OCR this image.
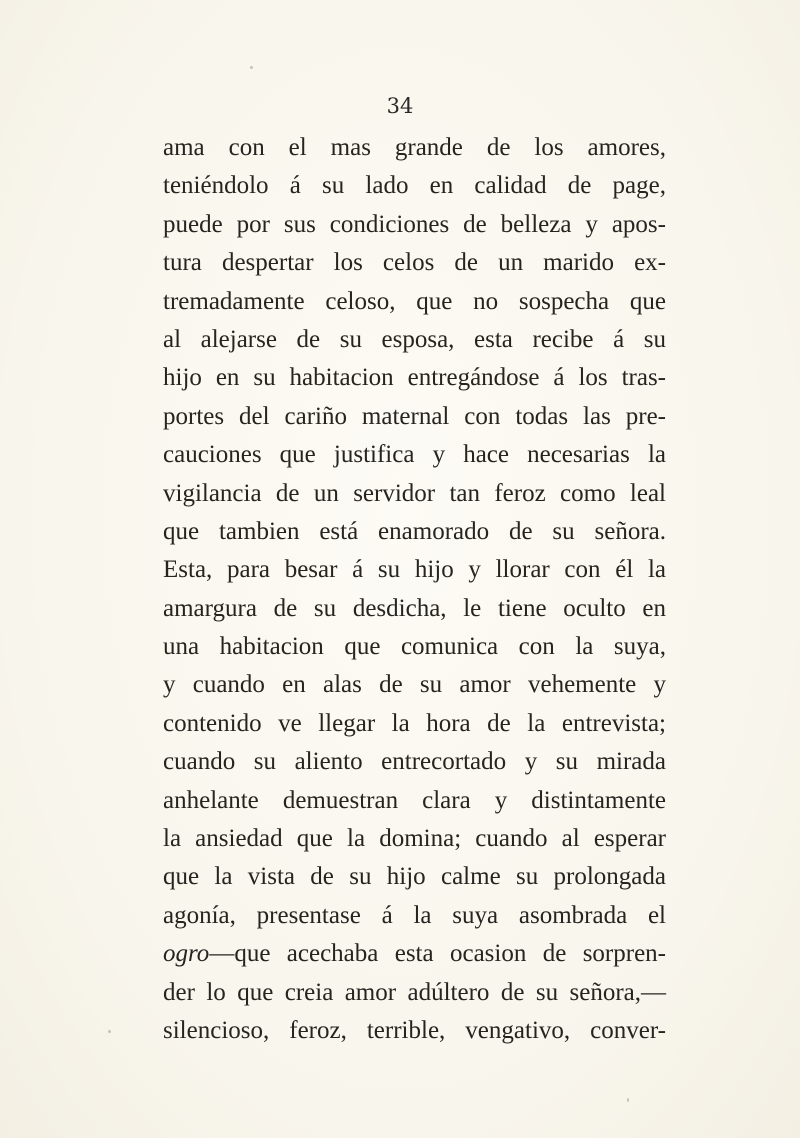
34
ama con el mas grande de los amores,
teniéndolo á su lado en calidad de page,
puede por sus condiciones de belleza y apos-
tura despertar los celos de un marido ex-
tremadamente celoso, que no sospecha que
al alejarse de su esposa, esta recibe á su
hijo en su habitacion entregándose á los tras-
portes del cariño maternal con todas las pre-
cauciones que justifica y hace necesarias la
vigilancia de un servidor tan feroz como leal
que tambien está enamorado de su señora.
Esta, para besar á su hijo y llorar con él la
amargura de su desdicha, le tiene oculto en
una habitacion que comunica con la suya,
y cuando en alas de su amor vehemente y
contenido ve llegar la hora de la entrevista;
cuando su aliento entrecortado y su mirada
anhelante demuestran clara y distintamente
la ansiedad que la domina; cuando al esperar
que la vista de su hijo calme su prolongada
agonía, presentase á la suya asombrada el
ogro—que acechaba esta ocasion de sorpren-
der lo que creia amor adúltero de su señora,—
silencioso, feroz, terrible, vengativo, conver-
